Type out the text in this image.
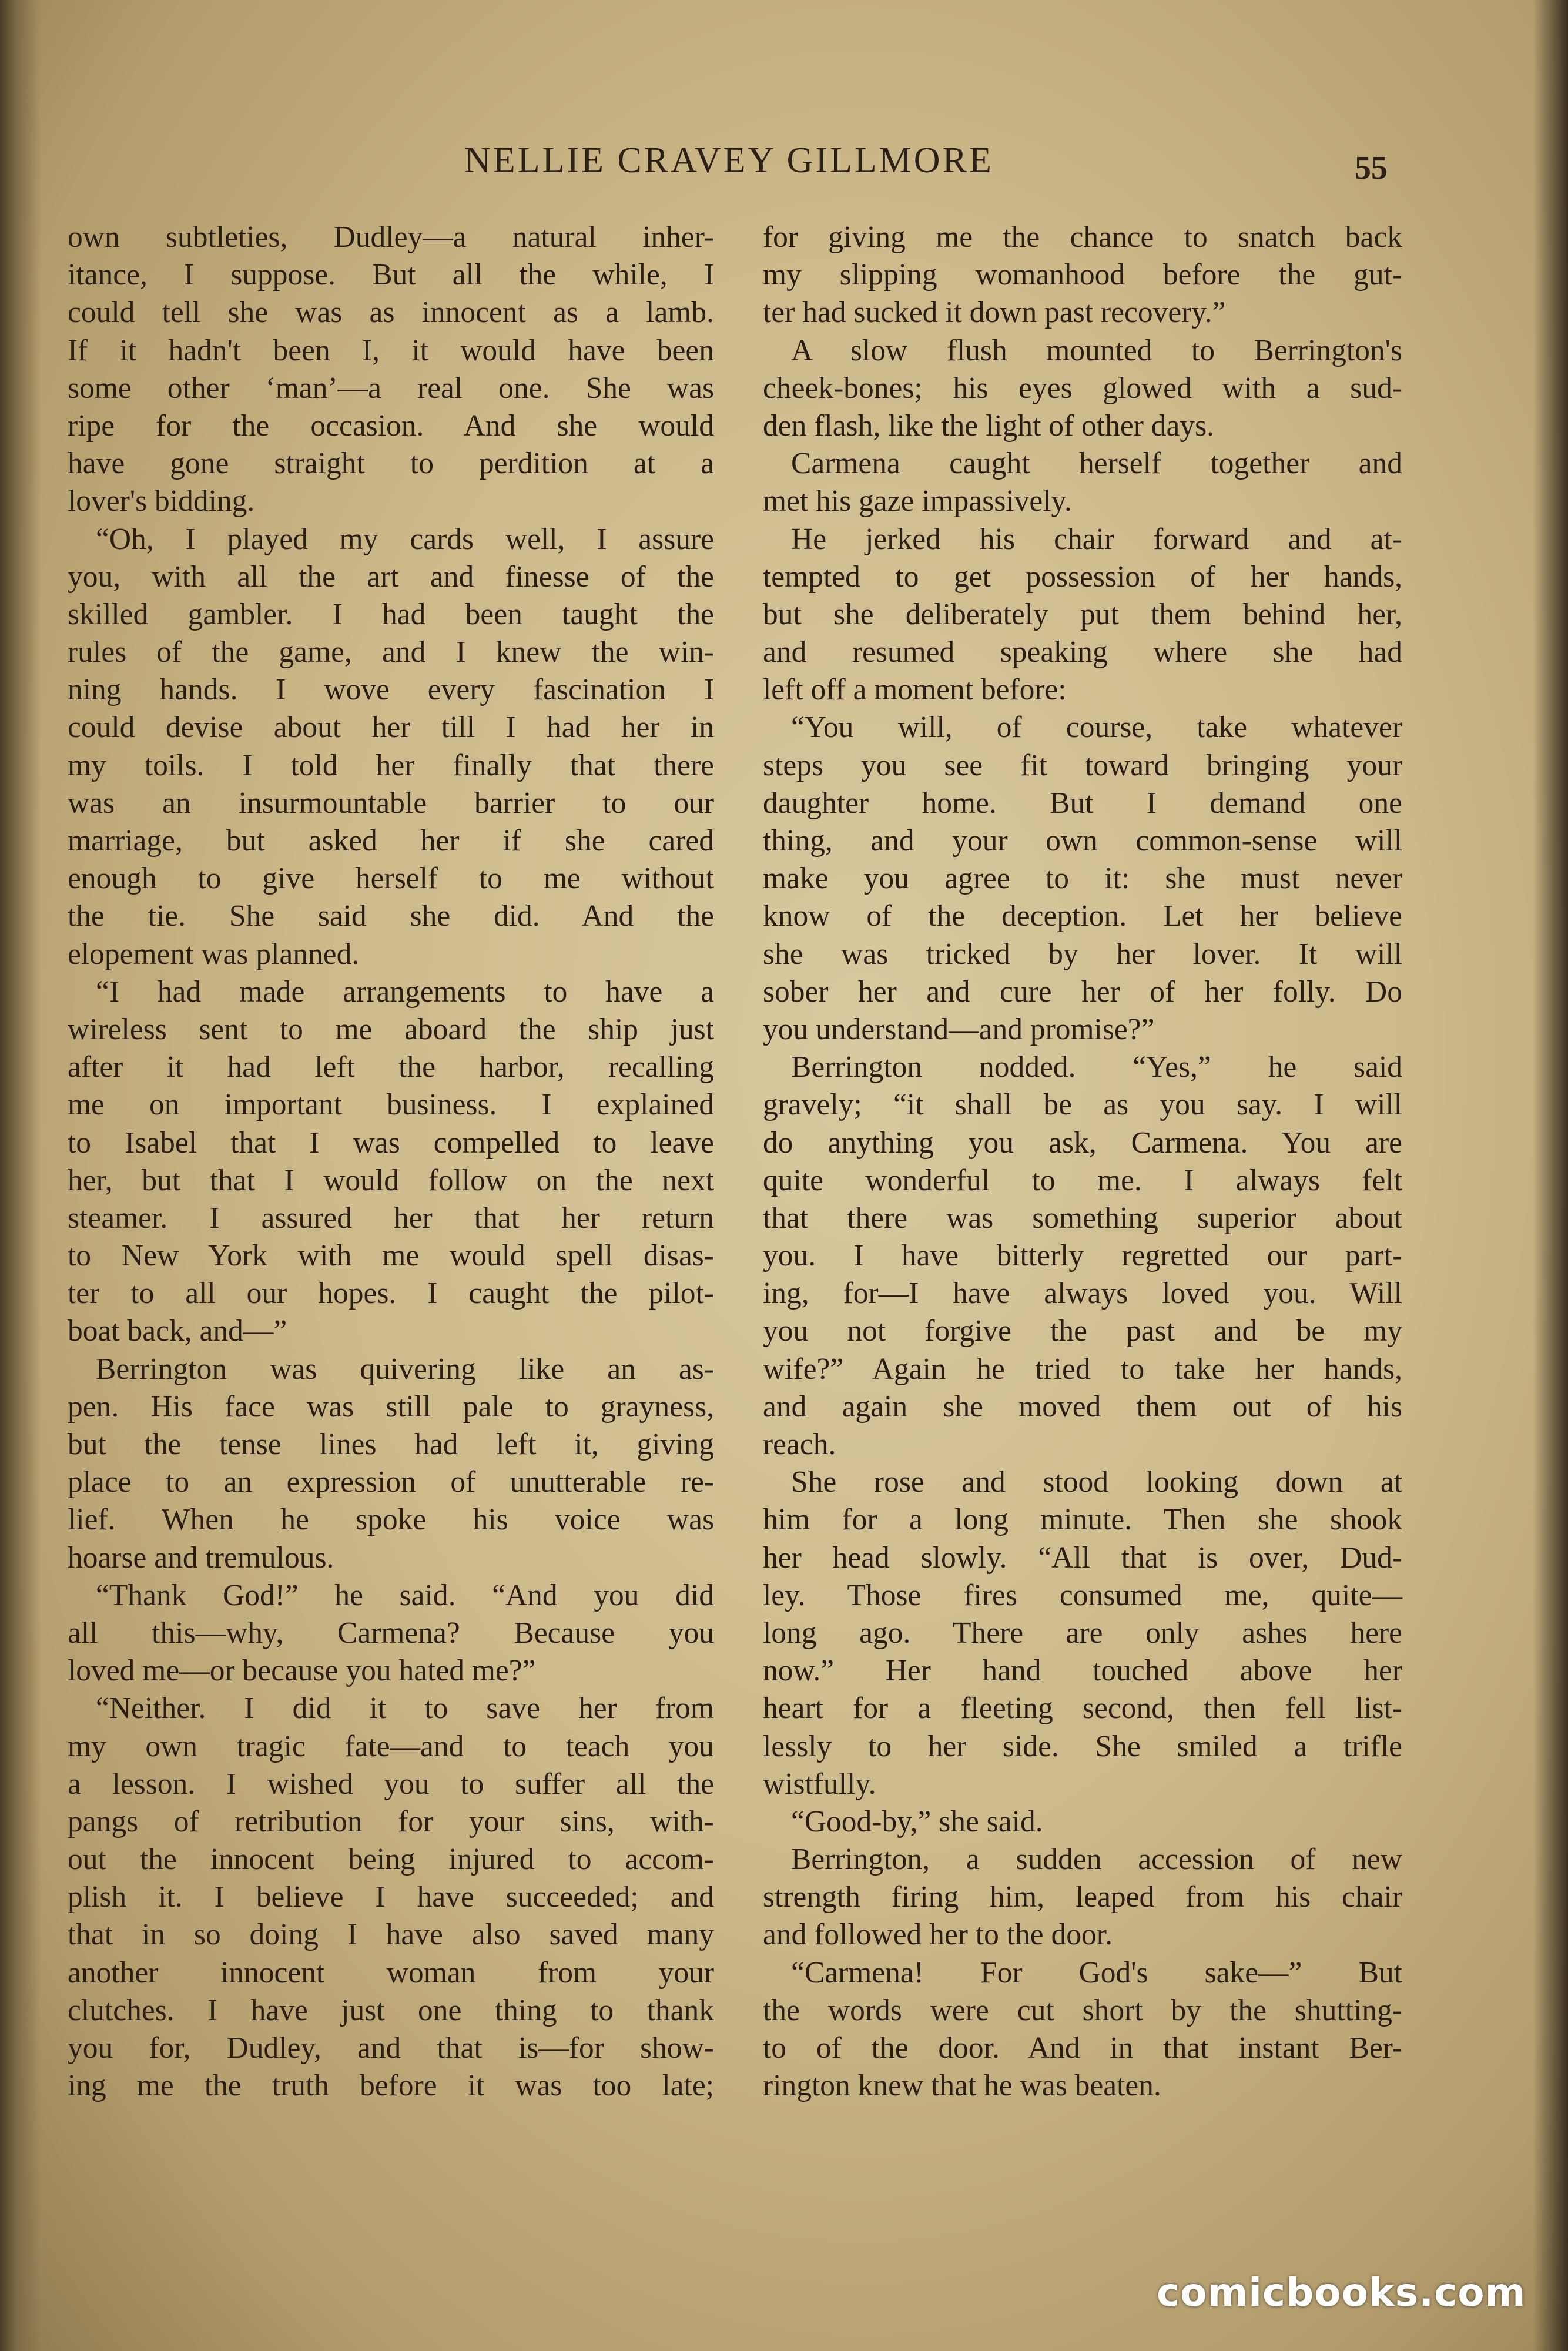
NELLIE CRAVEY GILLMORE	55
own subtleties, Dudley—a natural inher-
itance, I suppose. But all the while, I
could tell she was as innocent as a lamb.
If it hadn't been I, it would have been
some other ‘man’—a real one. She was
ripe for the occasion. And she would
have gone straight to perdition at a
lover's bidding.
“Oh, I played my cards well, I assure
you, with all the art and finesse of the
skilled gambler. I had been taught the
rules of the game, and I knew the win-
ning hands. I wove every fascination I
could devise about her till I had her in
my toils. I told her finally that there
was an insurmountable barrier to our
marriage, but asked her if she cared
enough to give herself to me without
the tie. She said she did. And the
elopement was planned.
“I had made arrangements to have a
wireless sent to me aboard the ship just
after it had left the harbor, recalling
me on important business. I explained
to Isabel that I was compelled to leave
her, but that I would follow on the next
steamer. I assured her that her return
to New York with me would spell disas-
ter to all our hopes. I caught the pilot-
boat back, and—”
Berrington was quivering like an as-
pen. His face was still pale to grayness,
but the tense lines had left it, giving
place to an expression of unutterable re-
lief. When he spoke his voice was
hoarse and tremulous.
“Thank God!” he said. “And you did
all this—why, Carmena? Because you
loved me—or because you hated me?”
“Neither. I did it to save her from
my own tragic fate—and to teach you
a lesson. I wished you to suffer all the
pangs of retribution for your sins, with-
out the innocent being injured to accom-
plish it. I believe I have succeeded; and
that in so doing I have also saved many
another innocent woman from your
clutches. I have just one thing to thank
you for, Dudley, and that is—for show-
ing me the truth before it was too late;
for giving me the chance to snatch back
my slipping womanhood before the gut-
ter had sucked it down past recovery.”
A slow flush mounted to Berrington's
cheek-bones; his eyes glowed with a sud-
den flash, like the light of other days.
Carmena caught herself together and
met his gaze impassively.
He jerked his chair forward and at-
tempted to get possession of her hands,
but she deliberately put them behind her,
and resumed speaking where she had
left off a moment before:
“You will, of course, take whatever
steps you see fit toward bringing your
daughter home. But I demand one
thing, and your own common-sense will
make you agree to it: she must never
know of the deception. Let her believe
she was tricked by her lover. It will
sober her and cure her of her folly. Do
you understand—and promise?”
Berrington nodded. “Yes,” he said
gravely; “it shall be as you say. I will
do anything you ask, Carmena. You are
quite wonderful to me. I always felt
that there was something superior about
you. I have bitterly regretted our part-
ing, for—I have always loved you. Will
you not forgive the past and be my
wife?” Again he tried to take her hands,
and again she moved them out of his
reach.
She rose and stood looking down at
him for a long minute. Then she shook
her head slowly. “All that is over, Dud-
ley. Those fires consumed me, quite—
long ago. There are only ashes here
now.” Her hand touched above her
heart for a fleeting second, then fell list-
lessly to her side. She smiled a trifle
wistfully.
“Good-by,” she said.
Berrington, a sudden accession of new
strength firing him, leaped from his chair
and followed her to the door.
“Carmena! For God's sake—” But
the words were cut short by the shutting-
to of the door. And in that instant Ber-
rington knew that he was beaten.
comicbooks.com
